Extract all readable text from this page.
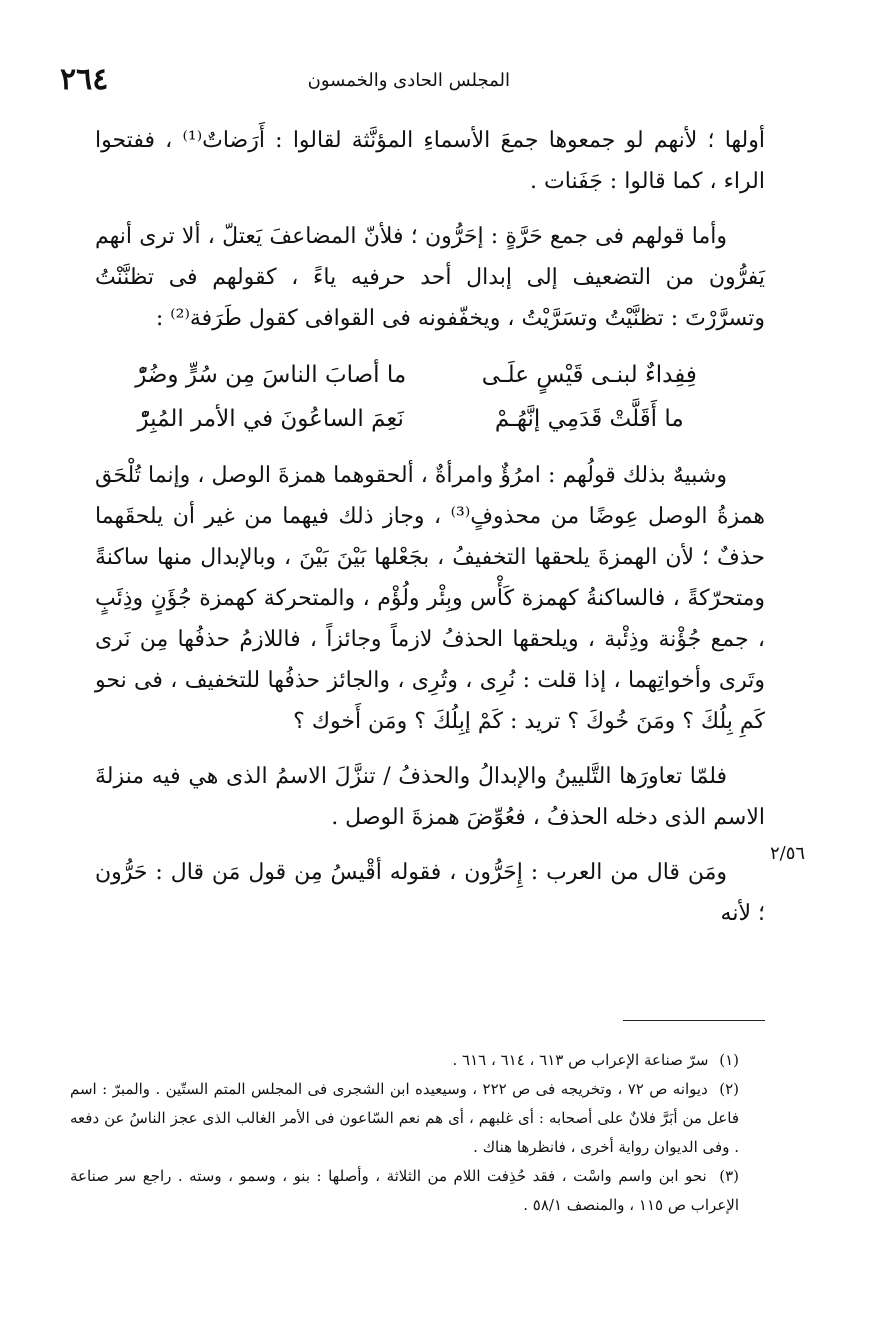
٢٦٤	المجلس الحادى والخمسون
٢/٥٦

أولها ؛ لأنهم لو جمعوها جمعَ الأسماءِ المؤنَّثة لقالوا : أَرَضاتٌ⁽¹⁾ ، ففتحوا الراء ، كما قالوا : جَفَنات .

وأما قولهم فى جمع حَرَّةٍ : إحَرُّون ؛ فلأنّ المضاعفَ يَعتلّ ، ألا ترى أنهم يَفرُّون من التضعيف إلى إبدال أحد حرفيه ياءً ، كقولهم فى تظنَّنْتُ وتسرَّرْتَ : تظنَّيْتُ وتسَرَّيْتُ ، ويخفّفونه فى القوافى كقول طَرَفة⁽²⁾ :

فِفِداءٌ لبنـى قَيْسٍ علَـى
ما أصابَ الناسَ مِن سُرٍّ وضُرّْ
ما أَقَلَّتْ قَدَمِي إنَّهُـمْ
نَعِمَ الساعُونَ في الأمر المُبِرّْ

وشبيهٌ بذلك قولُهم : امرُؤٌ وامرأةٌ ، ألحقوهما همزةَ الوصل ، وإنما تُلْحَق همزةُ الوصل عِوضًا من محذوفٍ⁽³⁾ ، وجاز ذلك فيهما من غير أن يلحقَهما حذفٌ ؛ لأن الهمزةَ يلحقها التخفيفُ ، بجَعْلها بَيْنَ بَيْنَ ، وبالإبدال منها ساكنةً ومتحرّكةً ، فالساكنةُ كهمزة كَأْس وبِئْر ولُؤْم ، والمتحركة كهمزة جُؤَنٍ وذِئَبٍ ، جمع جُؤْنة وذِئْبة ، ويلحقها الحذفُ لازماً وجائزاً ، فاللازمُ حذفُها مِن نَرى وتَرى وأخواتِهما ، إذا قلت : نُرِى ، وتُرِى ، والجائز حذفُها للتخفيف ، فى نحو كَمِ بِلُكَ ؟ ومَنَ خُوكَ ؟ تريد : كَمْ إبِلُكَ ؟ ومَن أَخوك ؟

فلمّا تعاورَها التَّليينُ والإبدالُ والحذفُ / تنزَّلَ الاسمُ الذى هي فيه منزلةَ الاسم الذى دخله الحذفُ ، فعُوِّضَ همزةَ الوصل .

ومَن قال من العرب : إِحَرُّون ، فقوله أقْيسُ مِن قول مَن قال : حَرُّون ؛ لأنه

(١) سرّ صناعة الإعراب ص ٦١٣ ، ٦١٤ ، ٦١٦ .

(٢) ديوانه ص ٧٢ ، وتخريجه فى ص ٢٢٢ ، وسيعيده ابن الشجرى فى المجلس المتم الستّين . والمبرّ : اسم فاعل من أبَرَّ فلانٌ على أصحابه : أى غلبهم ، أى هم نعم السّاعون فى الأمر الغالب الذى عجز الناسُ عن دفعه . وفى الديوان رواية أخرى ، فانظرها هناك .

(٣) نحو ابن واسم واسْت ، فقد حُذِفت اللام من الثلاثة ، وأصلها : بنو ، وسمو ، وسته . راجع سر صناعة الإعراب ص ١١٥ ، والمنصف ٥٨/١ .
